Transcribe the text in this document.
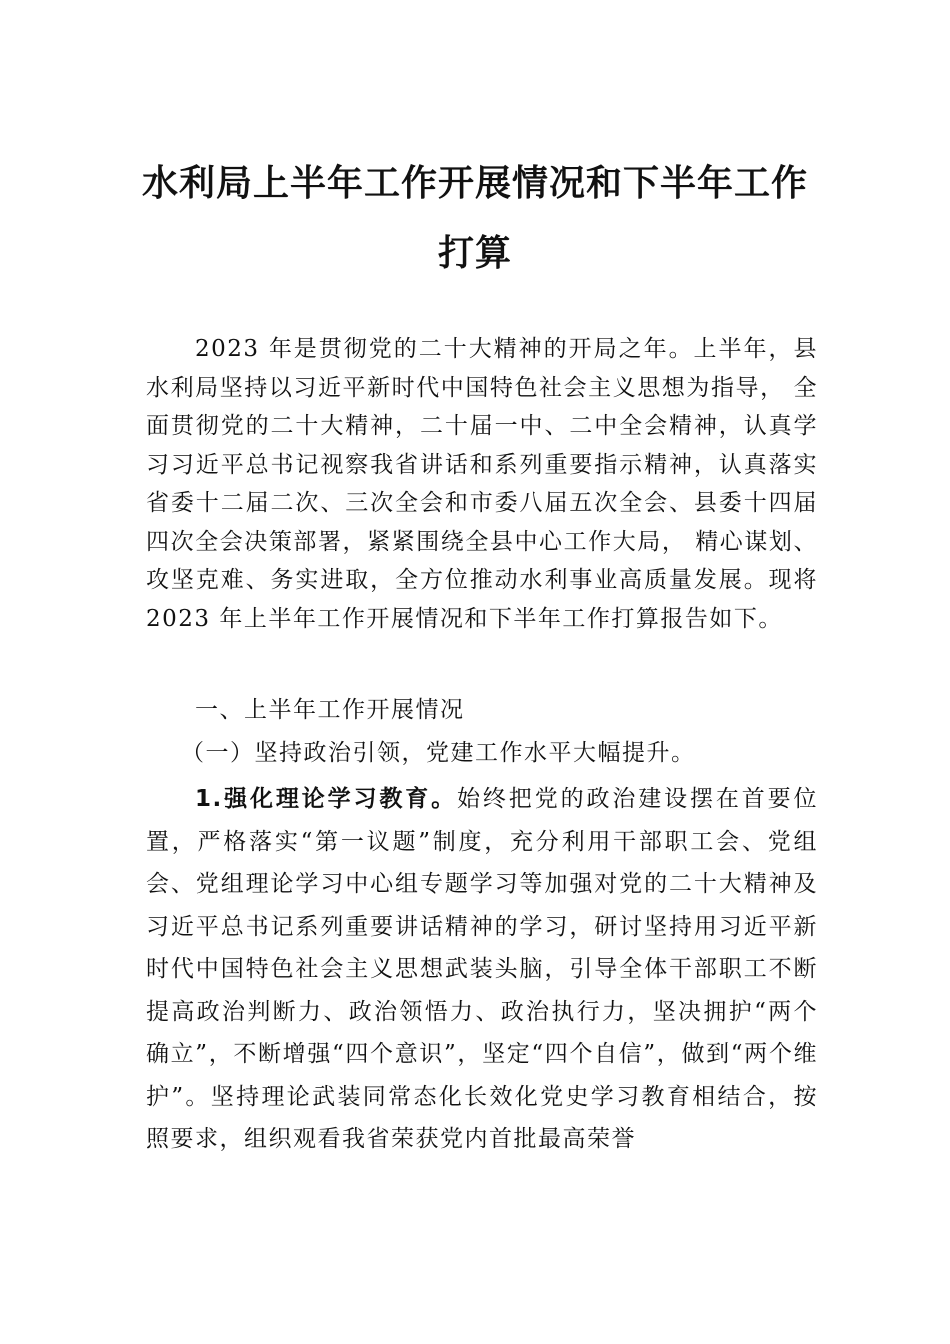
水利局上半年工作开展情况和下半年工作
打算

2023 年是贯彻党的二十大精神的开局之年。上半年，县水利局坚持以习近平新时代中国特色社会主义思想为指导， 全面贯彻党的二十大精神，二十届一中、二中全会精神，认真学习习近平总书记视察我省讲话和系列重要指示精神，认真落实省委十二届二次、三次全会和市委八届五次全会、县委十四届四次全会决策部署，紧紧围绕全县中心工作大局， 精心谋划、攻坚克难、务实进取，全方位推动水利事业高质量发展。现将 2023 年上半年工作开展情况和下半年工作打算报告如下。

一、上半年工作开展情况

（一）坚持政治引领，党建工作水平大幅提升。

1.强化理论学习教育。始终把党的政治建设摆在首要位置，严格落实“第一议题”制度，充分利用干部职工会、党组会、党组理论学习中心组专题学习等加强对党的二十大精神及习近平总书记系列重要讲话精神的学习，研讨坚持用习近平新时代中国特色社会主义思想武装头脑，引导全体干部职工不断提高政治判断力、政治领悟力、政治执行力，坚决拥护“两个确立”，不断增强“四个意识”，坚定“四个自信”，做到“两个维护”。坚持理论武装同常态化长效化党史学习教育相结合，按照要求，组织观看我省荣获党内首批最高荣誉
